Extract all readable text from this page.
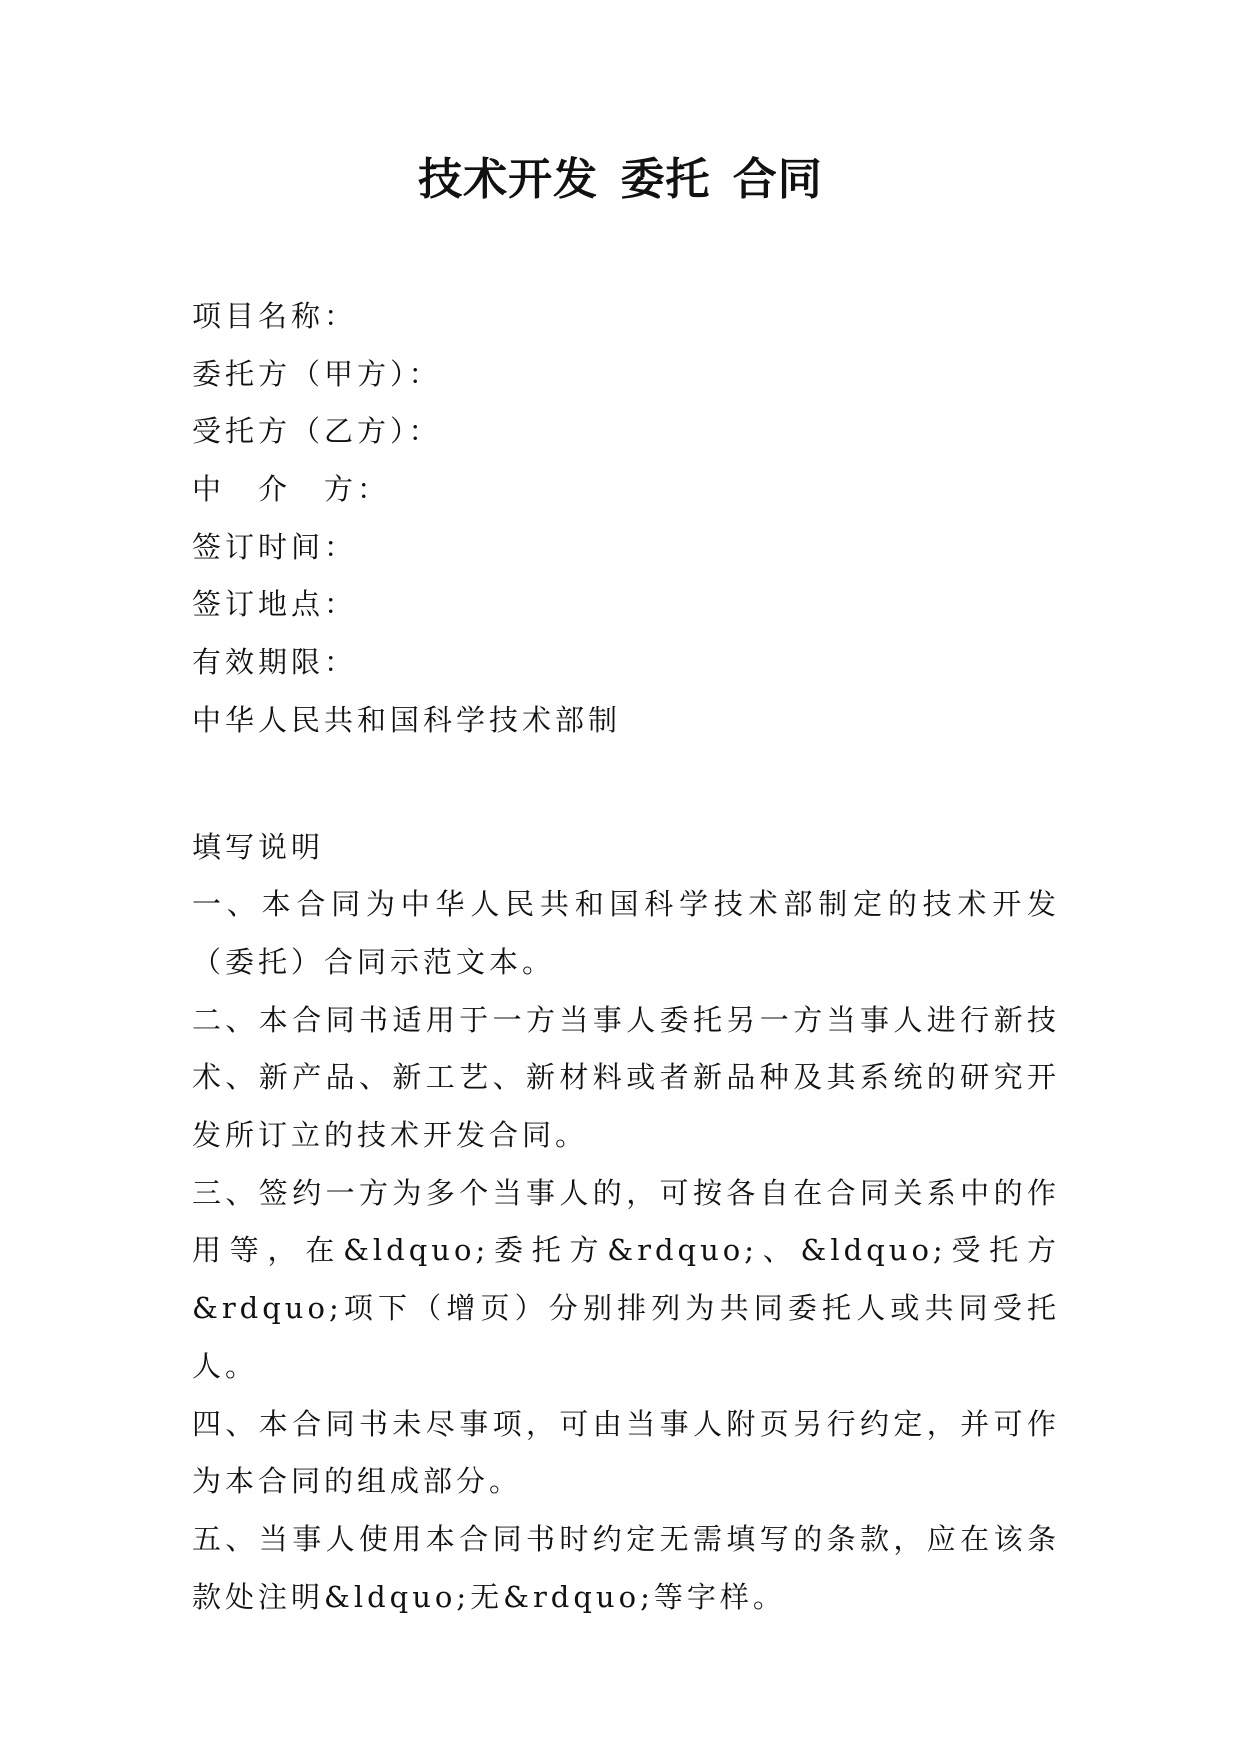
技术开发 委托 合同
项目名称：
委托方（甲方）：
受托方（乙方）：
中　介　方：
签订时间：
签订地点：
有效期限：
中华人民共和国科学技术部制
填写说明
一、本合同为中华人民共和国科学技术部制定的技术开发（委托）合同示范文本。
二、本合同书适用于一方当事人委托另一方当事人进行新技术、新产品、新工艺、新材料或者新品种及其系统的研究开发所订立的技术开发合同。
三、签约一方为多个当事人的，可按各自在合同关系中的作用等，在&ldquo;委托方&rdquo;、&ldquo;受托方&rdquo;项下（增页）分别排列为共同委托人或共同受托人。
四、本合同书未尽事项，可由当事人附页另行约定，并可作为本合同的组成部分。
五、当事人使用本合同书时约定无需填写的条款，应在该条款处注明&ldquo;无&rdquo;等字样。
